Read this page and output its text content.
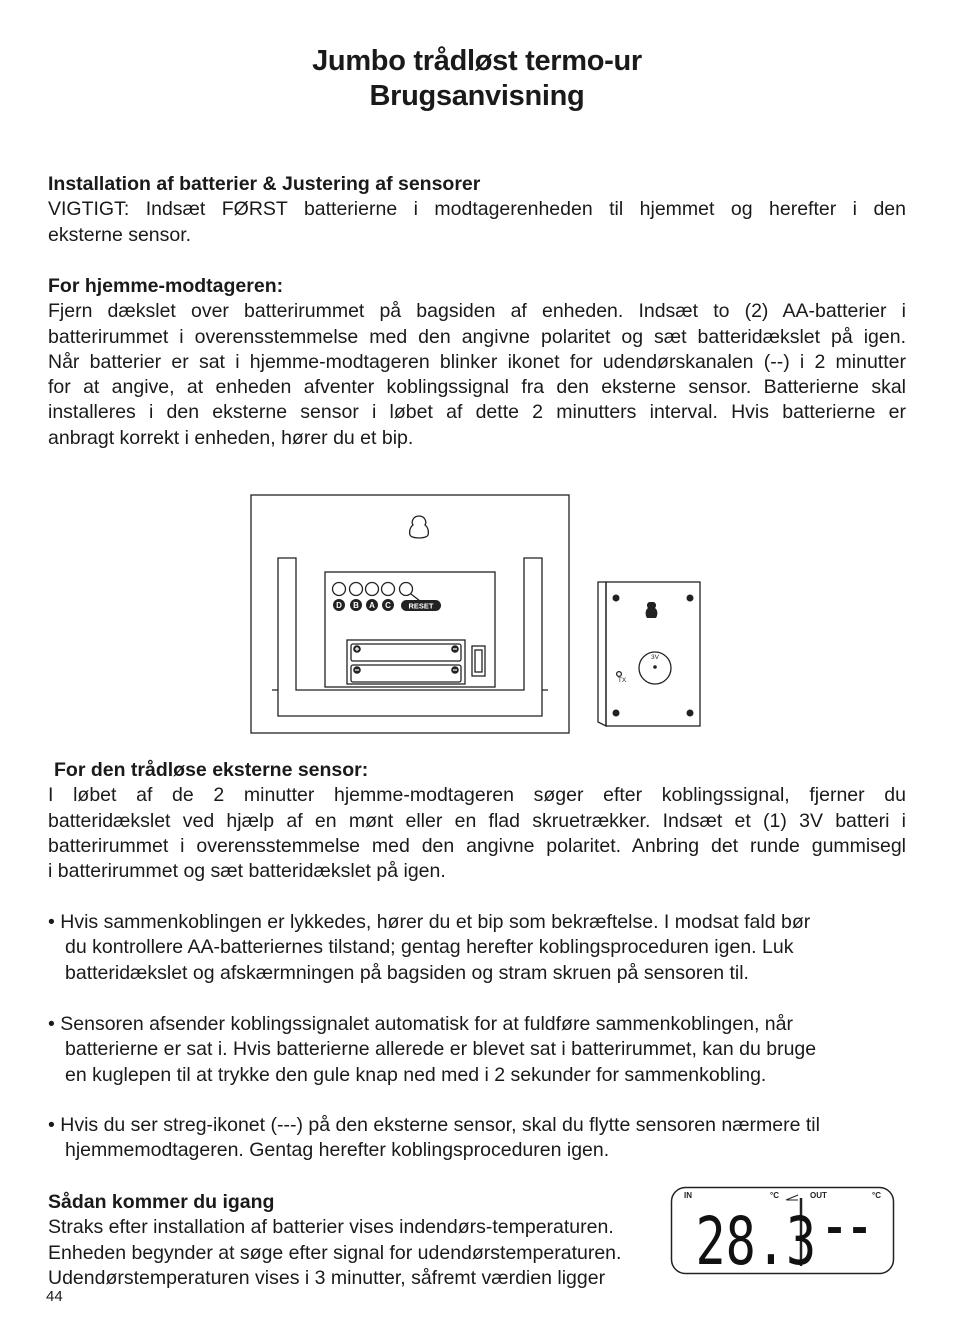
Jumbo trådløst termo-ur
Brugsanvisning
Installation af batterier & Justering af sensorer
VIGTIGT: Indsæt FØRST batterierne i modtagerenheden til hjemmet og herefter i den
eksterne sensor.
For hjemme-modtageren:
Fjern dækslet over batterirummet på bagsiden af enheden. Indsæt to (2) AA-batterier i
batterirummet i overensstemmelse med den angivne polaritet og sæt batteridækslet på igen.
Når batterier er sat i hjemme-modtageren blinker ikonet for udendørskanalen (--) i 2 minutter
for at angive, at enheden afventer koblingssignal fra den eksterne sensor. Batterierne skal
installeres i den eksterne sensor i løbet af dette 2 minutters interval. Hvis batterierne er
anbragt korrekt i enheden, hører du et bip.
D B A C RESET
3V
TX
For den trådløse eksterne sensor:
I løbet af de 2 minutter hjemme-modtageren søger efter koblingssignal, fjerner du
batteridækslet ved hjælp af en mønt eller en flad skruetrækker. Indsæt et (1) 3V batteri i
batterirummet i overensstemmelse med den angivne polaritet. Anbring det runde gummisegl
i batterirummet og sæt batteridækslet på igen.
• Hvis sammenkoblingen er lykkedes, hører du et bip som bekræftelse. I modsat fald bør
du kontrollere AA-batteriernes tilstand; gentag herefter koblingsproceduren igen. Luk
batteridækslet og afskærmningen på bagsiden og stram skruen på sensoren til.
• Sensoren afsender koblingssignalet automatisk for at fuldføre sammenkoblingen, når
batterierne er sat i. Hvis batterierne allerede er blevet sat i batterirummet, kan du bruge
en kuglepen til at trykke den gule knap ned med i 2 sekunder for sammenkobling.
• Hvis du ser streg-ikonet (---) på den eksterne sensor, skal du flytte sensoren nærmere til
hjemmemodtageren. Gentag herefter koblingsproceduren igen.
Sådan kommer du igang
Straks efter installation af batterier vises indendørs-temperaturen.
Enheden begynder at søge efter signal for udendørstemperaturen.
Udendørstemperaturen vises i 3 minutter, såfremt værdien ligger
IN	°C	OUT	°C
28.3 --
44
